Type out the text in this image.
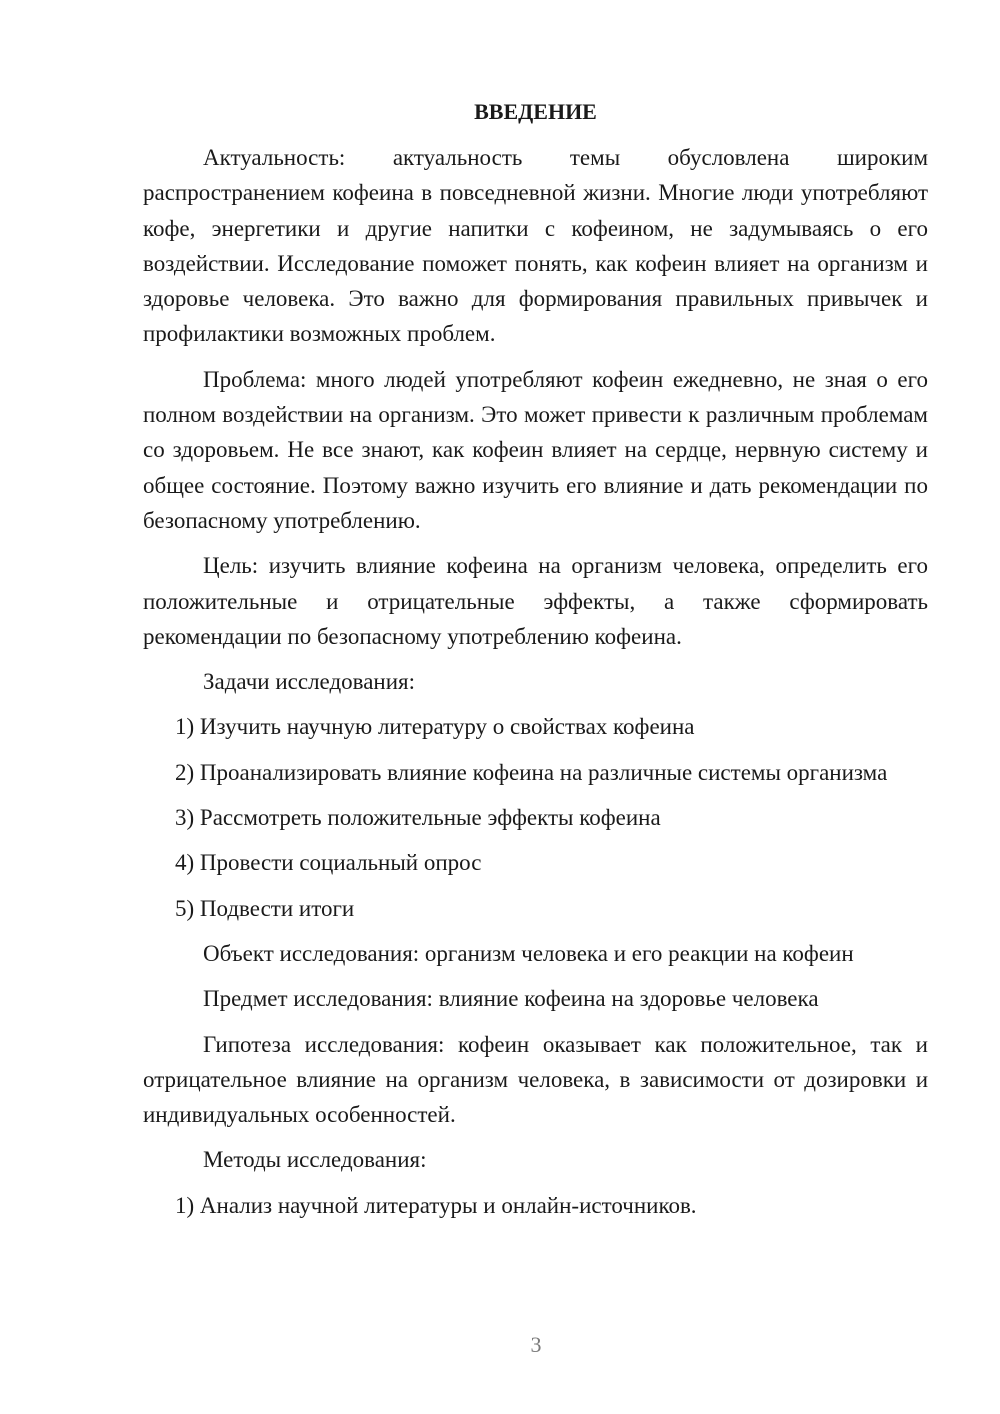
ВВЕДЕНИЕ

Актуальность: актуальность темы обусловлена широким распространением кофеина в повседневной жизни. Многие люди употребляют кофе, энергетики и другие напитки с кофеином, не задумываясь о его воздействии. Исследование поможет понять, как кофеин влияет на организм и здоровье человека. Это важно для формирования правильных привычек и профилактики возможных проблем.

Проблема: много людей употребляют кофеин ежедневно, не зная о его полном воздействии на организм. Это может привести к различным проблемам со здоровьем. Не все знают, как кофеин влияет на сердце, нервную систему и общее состояние. Поэтому важно изучить его влияние и дать рекомендации по безопасному употреблению.

Цель: изучить влияние кофеина на организм человека, определить его положительные и отрицательные эффекты, а также сформировать рекомендации по безопасному употреблению кофеина.

Задачи исследования:

1) Изучить научную литературу о свойствах кофеина

2) Проанализировать влияние кофеина на различные системы организма

3) Рассмотреть положительные эффекты кофеина

4) Провести социальный опрос

5) Подвести итоги

Объект исследования: организм человека и его реакции на кофеин

Предмет исследования: влияние кофеина на здоровье человека

Гипотеза исследования: кофеин оказывает как положительное, так и отрицательное влияние на организм человека, в зависимости от дозировки и индивидуальных особенностей.

Методы исследования:

1) Анализ научной литературы и онлайн-источников.

3
